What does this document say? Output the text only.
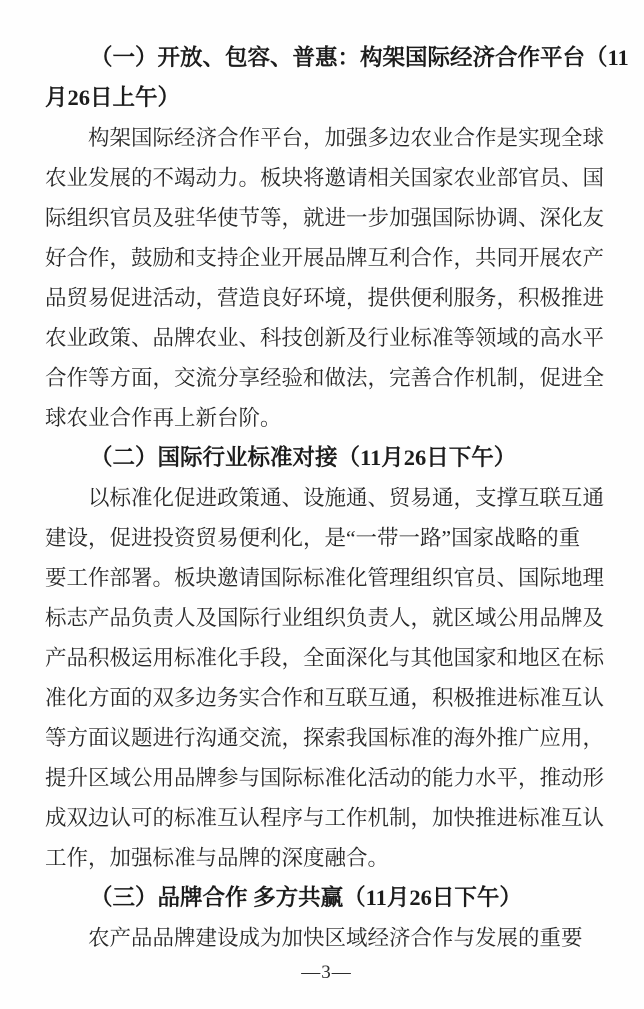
（一）开放、包容、普惠：构架国际经济合作平台（11
月26日上午）
构架国际经济合作平台，加强多边农业合作是实现全球
农业发展的不竭动力。板块将邀请相关国家农业部官员、国
际组织官员及驻华使节等，就进一步加强国际协调、深化友
好合作，鼓励和支持企业开展品牌互利合作，共同开展农产
品贸易促进活动，营造良好环境，提供便利服务，积极推进
农业政策、品牌农业、科技创新及行业标准等领域的高水平
合作等方面，交流分享经验和做法，完善合作机制，促进全
球农业合作再上新台阶。
（二）国际行业标准对接（11月26日下午）
以标准化促进政策通、设施通、贸易通，支撑互联互通
建设，促进投资贸易便利化，是“一带一路”国家战略的重
要工作部署。板块邀请国际标准化管理组织官员、国际地理
标志产品负责人及国际行业组织负责人，就区域公用品牌及
产品积极运用标准化手段，全面深化与其他国家和地区在标
准化方面的双多边务实合作和互联互通，积极推进标准互认
等方面议题进行沟通交流，探索我国标准的海外推广应用，
提升区域公用品牌参与国际标准化活动的能力水平，推动形
成双边认可的标准互认程序与工作机制，加快推进标准互认
工作，加强标准与品牌的深度融合。
（三）品牌合作 多方共赢（11月26日下午）
农产品品牌建设成为加快区域经济合作与发展的重要
—3—
